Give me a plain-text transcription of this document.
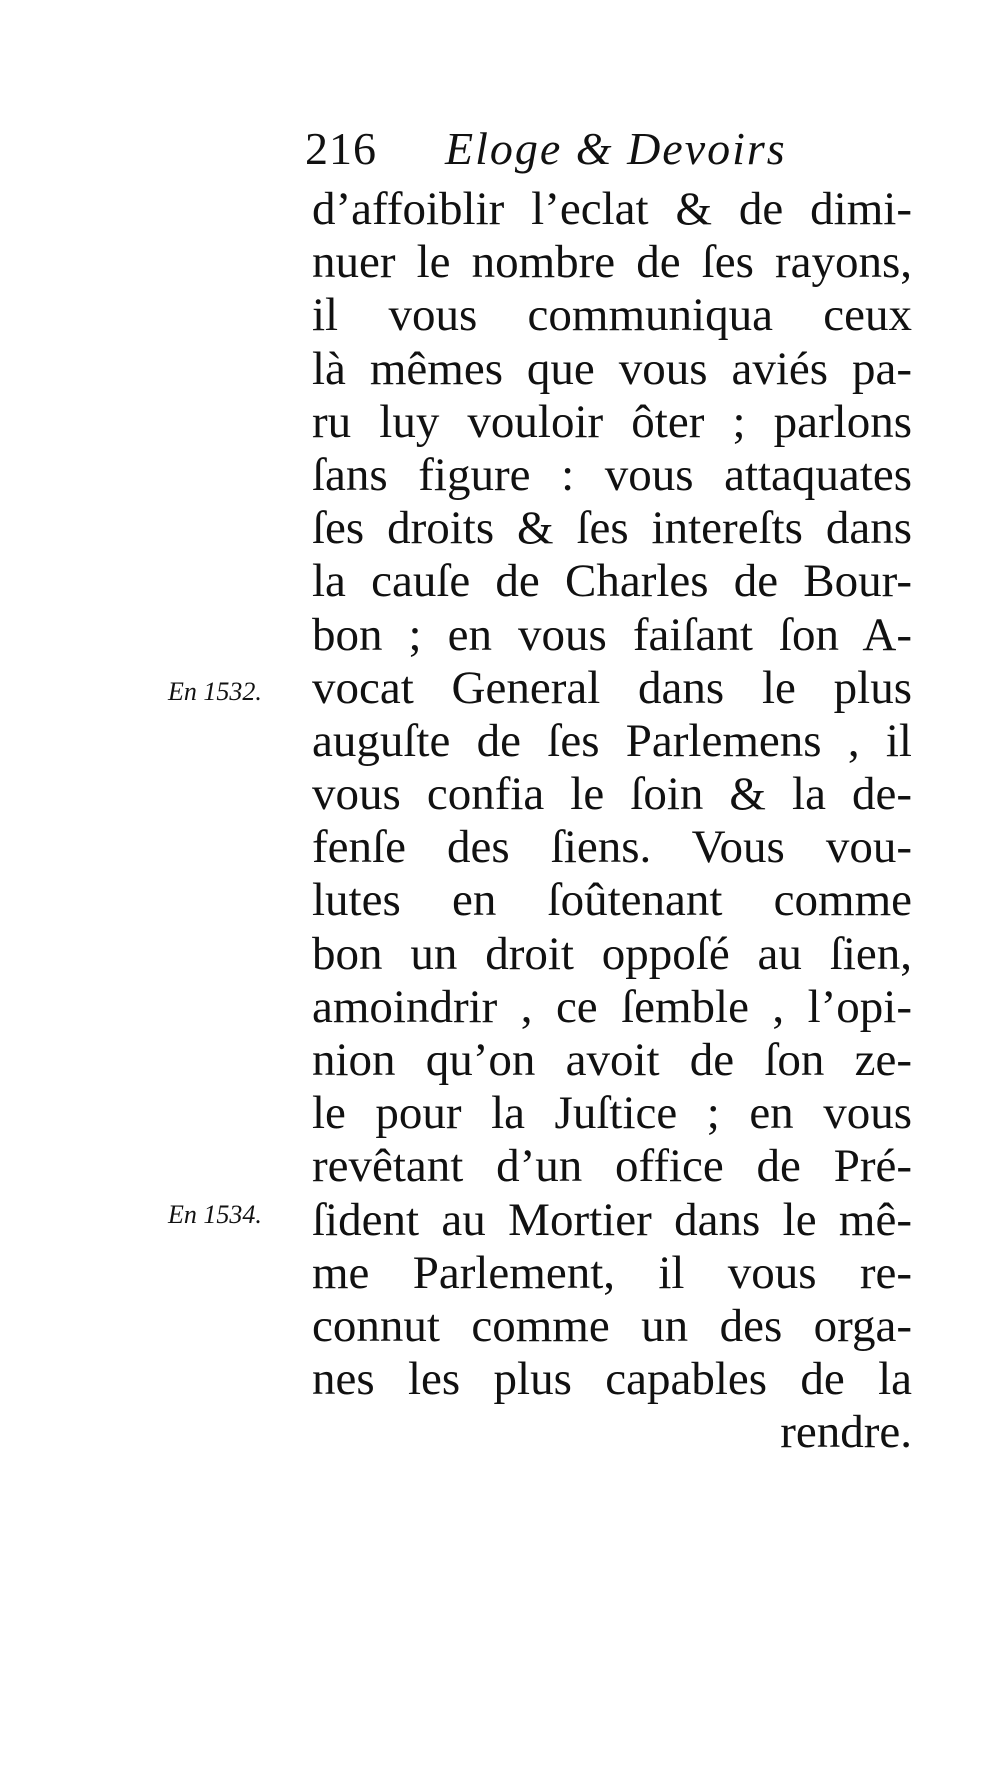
216 Eloge & Devoirs
En 1532.
En 1534.
d’affoiblir l’eclat & de dimi-
nuer le nombre de ſes rayons,
il vous communiqua ceux
là mêmes que vous aviés pa-
ru luy vouloir ôter ; parlons
ſans figure : vous attaquates
ſes droits & ſes intereſts dans
la cauſe de Charles de Bour-
bon ; en vous faiſant ſon A-
vocat General dans le plus
auguſte de ſes Parlemens , il
vous confia le ſoin & la de-
fenſe des ſiens. Vous vou-
lutes en ſoûtenant comme
bon un droit oppoſé au ſien,
amoindrir , ce ſemble , l’opi-
nion qu’on avoit de ſon ze-
le pour la Juſtice ; en vous
revêtant d’un office de Pré-
ſident au Mortier dans le mê-
me Parlement, il vous re-
connut comme un des orga-
nes les plus capables de la
rendre.
